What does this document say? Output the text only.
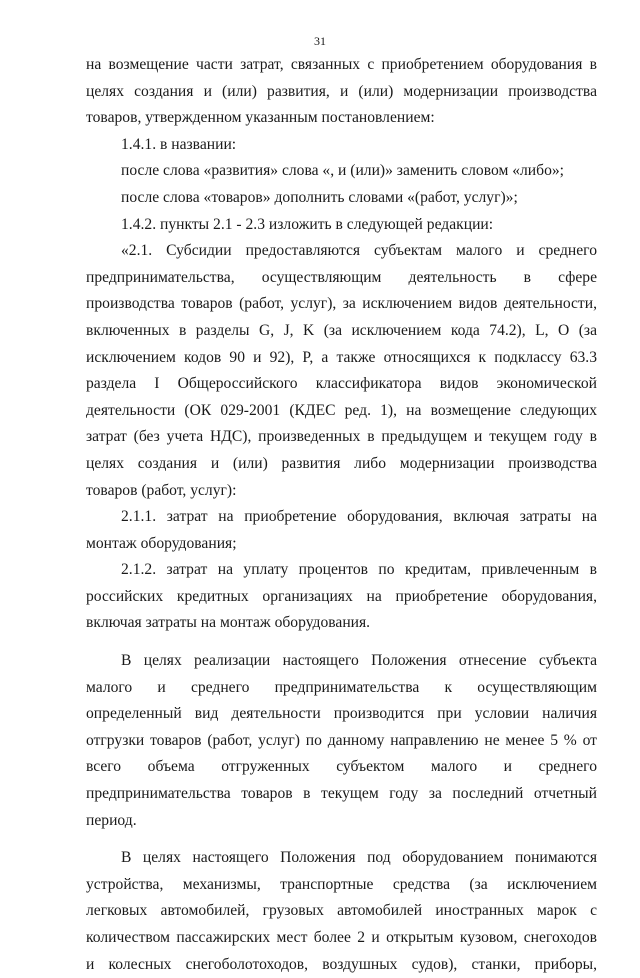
31
на возмещение части затрат, связанных с приобретением оборудования в
целях создания и (или) развития, и (или) модернизации производства
товаров, утвержденном указанным постановлением:
1.4.1. в названии:
после слова «развития» слова «, и (или)» заменить словом «либо»;
после слова «товаров» дополнить словами «(работ, услуг)»;
1.4.2. пункты 2.1 - 2.3 изложить в следующей редакции:
«2.1. Субсидии предоставляются субъектам малого и среднего
предпринимательства, осуществляющим деятельность в сфере
производства товаров (работ, услуг), за исключением видов деятельности,
включенных в разделы G, J, K (за исключением кода 74.2), L, O (за
исключением кодов 90 и 92), P, а также относящихся к подклассу 63.3
раздела I Общероссийского классификатора видов экономической
деятельности (ОК 029-2001 (КДЕС ред. 1), на возмещение следующих
затрат (без учета НДС), произведенных в предыдущем и текущем году в
целях создания и (или) развития либо модернизации производства
товаров (работ, услуг):
2.1.1. затрат на приобретение оборудования, включая затраты на
монтаж оборудования;
2.1.2. затрат на уплату процентов по кредитам, привлеченным в
российских кредитных организациях на приобретение оборудования,
включая затраты на монтаж оборудования.
В целях реализации настоящего Положения отнесение субъекта
малого и среднего предпринимательства к осуществляющим
определенный вид деятельности производится при условии наличия
отгрузки товаров (работ, услуг) по данному направлению не менее 5 % от
всего объема отгруженных субъектом малого и среднего
предпринимательства товаров в текущем году за последний отчетный
период.
В целях настоящего Положения под оборудованием понимаются
устройства, механизмы, транспортные средства (за исключением
легковых автомобилей, грузовых автомобилей иностранных марок с
количеством пассажирских мест более 2 и открытым кузовом, снегоходов
и колесных снегоболотоходов, воздушных судов), станки, приборы,
